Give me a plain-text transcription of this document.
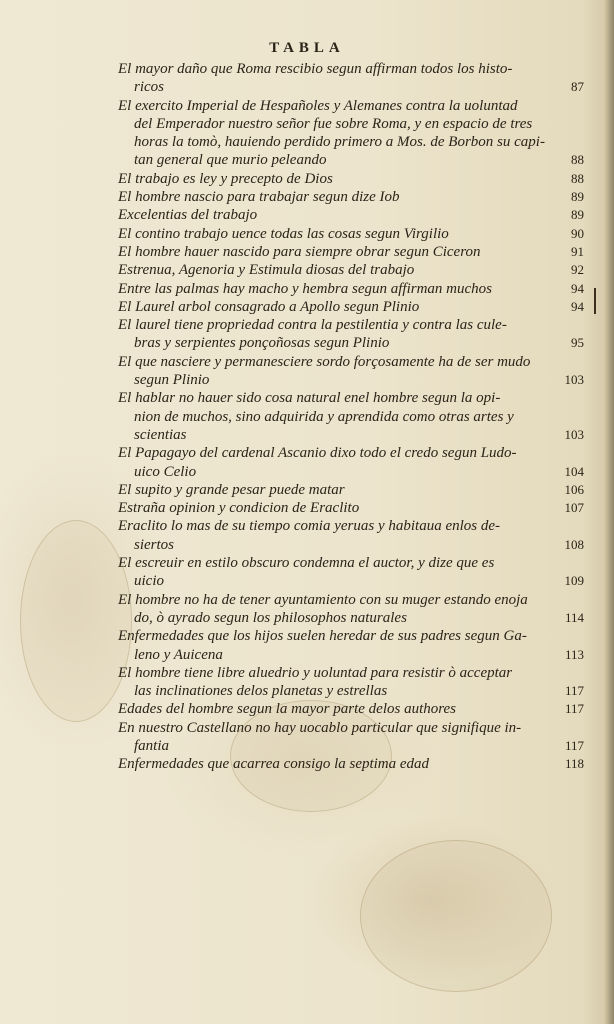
TABLA
El mayor daño que Roma rescibio segun affirman todos los histo-
ricos	87
El exercito Imperial de Hespañoles y Alemanes contra la uoluntad
del Emperador nuestro señor fue sobre Roma, y en espacio de tres
horas la tomò, hauiendo perdido primero a Mos. de Borbon su capi-
tan general que murio peleando	88
El trabajo es ley y precepto de Dios	88
El hombre nascio para trabajar segun dize Iob	89
Excelentias del trabajo	89
El contino trabajo uence todas las cosas segun Virgilio	90
El hombre hauer nascido para siempre obrar segun Ciceron	91
Estrenua, Agenoria y Estimula diosas del trabajo	92
Entre las palmas hay macho y hembra segun affirman muchos	94
El Laurel arbol consagrado a Apollo segun Plinio	94
El laurel tiene propriedad contra la pestilentia y contra las cule-
bras y serpientes ponçoñosas segun Plinio	95
El que nasciere y permanesciere sordo forçosamente ha de ser mudo
segun Plinio	103
El hablar no hauer sido cosa natural enel hombre segun la opi-
nion de muchos, sino adquirida y aprendida como otras artes y
scientias	103
El Papagayo del cardenal Ascanio dixo todo el credo segun Ludo-
uico Celio	104
El supito y grande pesar puede matar	106
Estraña opinion y condicion de Eraclito	107
Eraclito lo mas de su tiempo comia yeruas y habitaua enlos de-
siertos	108
El escreuir en estilo obscuro condemna el auctor, y dize que es
uicio	109
El hombre no ha de tener ayuntamiento con su muger estando enoja
do, ò ayrado segun los philosophos naturales	114
Enfermedades que los hijos suelen heredar de sus padres segun Ga-
leno y Auicena	113
El hombre tiene libre aluedrio y uoluntad para resistir ò acceptar
las inclinationes delos planetas y estrellas	117
Edades del hombre segun la mayor parte delos authores	117
En nuestro Castellano no hay uocablo particular que signifique in-
fantia	117
Enfermedades que acarrea consigo la septima edad	118
